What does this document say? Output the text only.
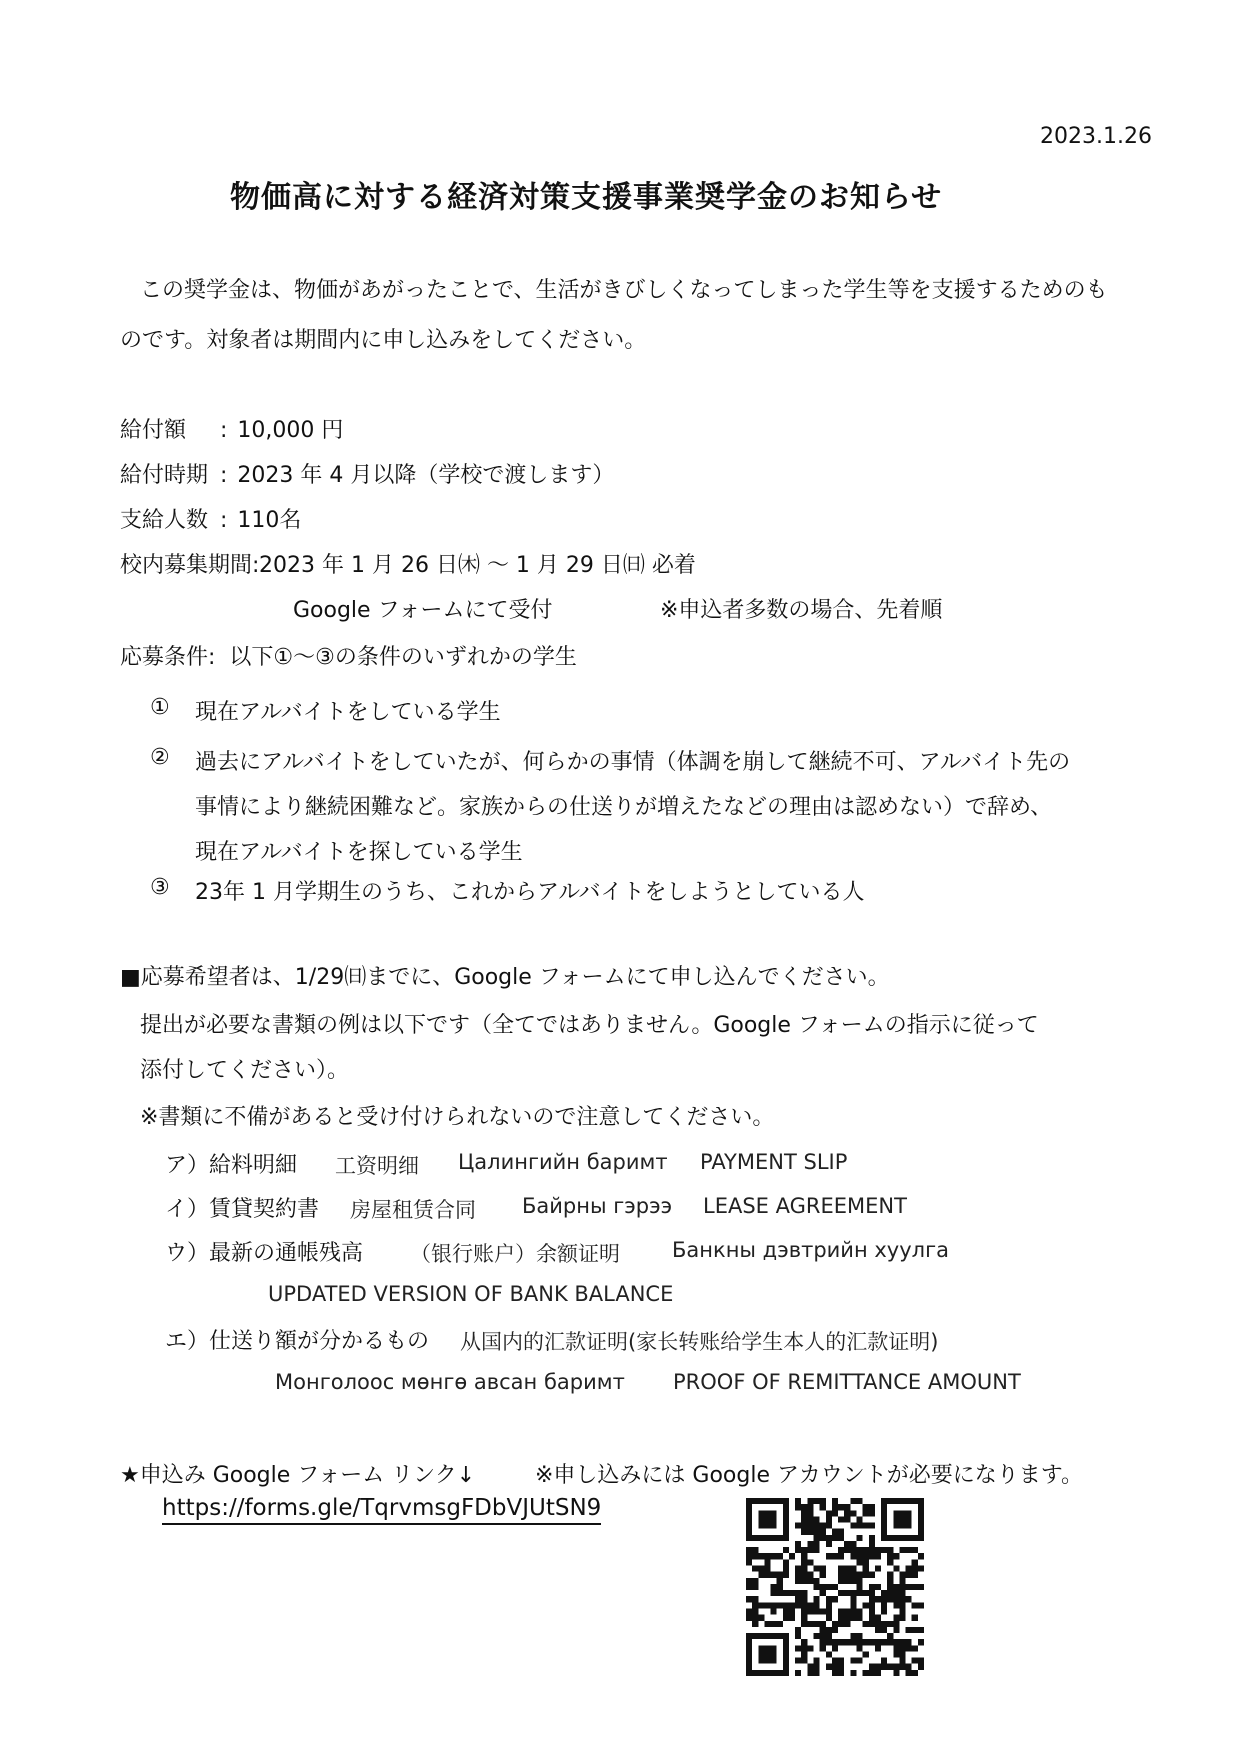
2023.1.26
物価高に対する経済対策支援事業奨学金のお知らせ
この奨学金は、物価があがったことで、生活がきびしくなってしまった学生等を支援するためのも
のです。対象者は期間内に申し込みをしてください。
給付額 : 10,000 円
給付時期 : 2023 年 4 月以降（学校で渡します）
支給人数 : 110名
校内募集期間:2023 年 1 月 26 日㈭ ～ 1 月 29 日㈰ 必着
Google フォームにて受付	※申込者多数の場合、先着順
応募条件: 以下①～③の条件のいずれかの学生
① 現在アルバイトをしている学生
② 過去にアルバイトをしていたが、何らかの事情（体調を崩して継続不可、アルバイト先の
事情により継続困難など。家族からの仕送りが増えたなどの理由は認めない）で辞め、
現在アルバイトを探している学生
③ 23年 1 月学期生のうち、これからアルバイトをしようとしている人
■応募希望者は、1/29㈰までに、Google フォームにて申し込んでください。
提出が必要な書類の例は以下です（全てではありません。Google フォームの指示に従って
添付してください）。
※書類に不備があると受け付けられないので注意してください。
ア）給料明細 工资明细 Цалингийн баримт PAYMENT SLIP
イ）賃貸契約書 房屋租赁合同 Байрны гэрээ LEASE AGREEMENT
ウ）最新の通帳残高 （银行账户）余额证明 Банкны дэвтрийн хуулга
UPDATED VERSION OF BANK BALANCE
エ）仕送り額が分かるもの 从国内的汇款证明(家长转账给学生本人的汇款证明)
Монголоос мөнгө авсан баримт PROOF OF REMITTANCE AMOUNT
★申込み Google フォーム リンク↓	※申し込みには Google アカウントが必要になります。
https://forms.gle/TqrvmsgFDbVJUtSN9
